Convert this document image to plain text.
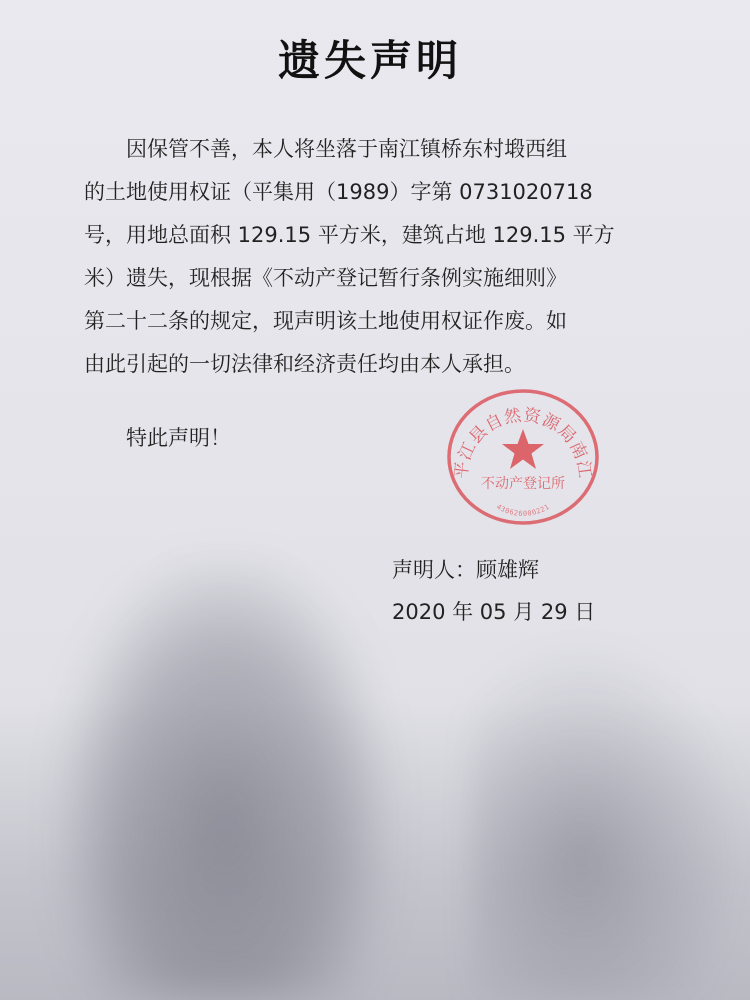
遗失声明
因保管不善，本人将坐落于南江镇桥东村塅西组
的土地使用权证（平集用（1989）字第 0731020718
号，用地总面积 129.15 平方米，建筑占地 129.15 平方
米）遗失，现根据《不动产登记暂行条例实施细则》
第二十二条的规定，现声明该土地使用权证作废。如
由此引起的一切法律和经济责任均由本人承担。
特此声明！
平江县自然资源局南江
不动产登记所
430626000221
声明人：顾雄辉
2020 年 05 月 29 日
